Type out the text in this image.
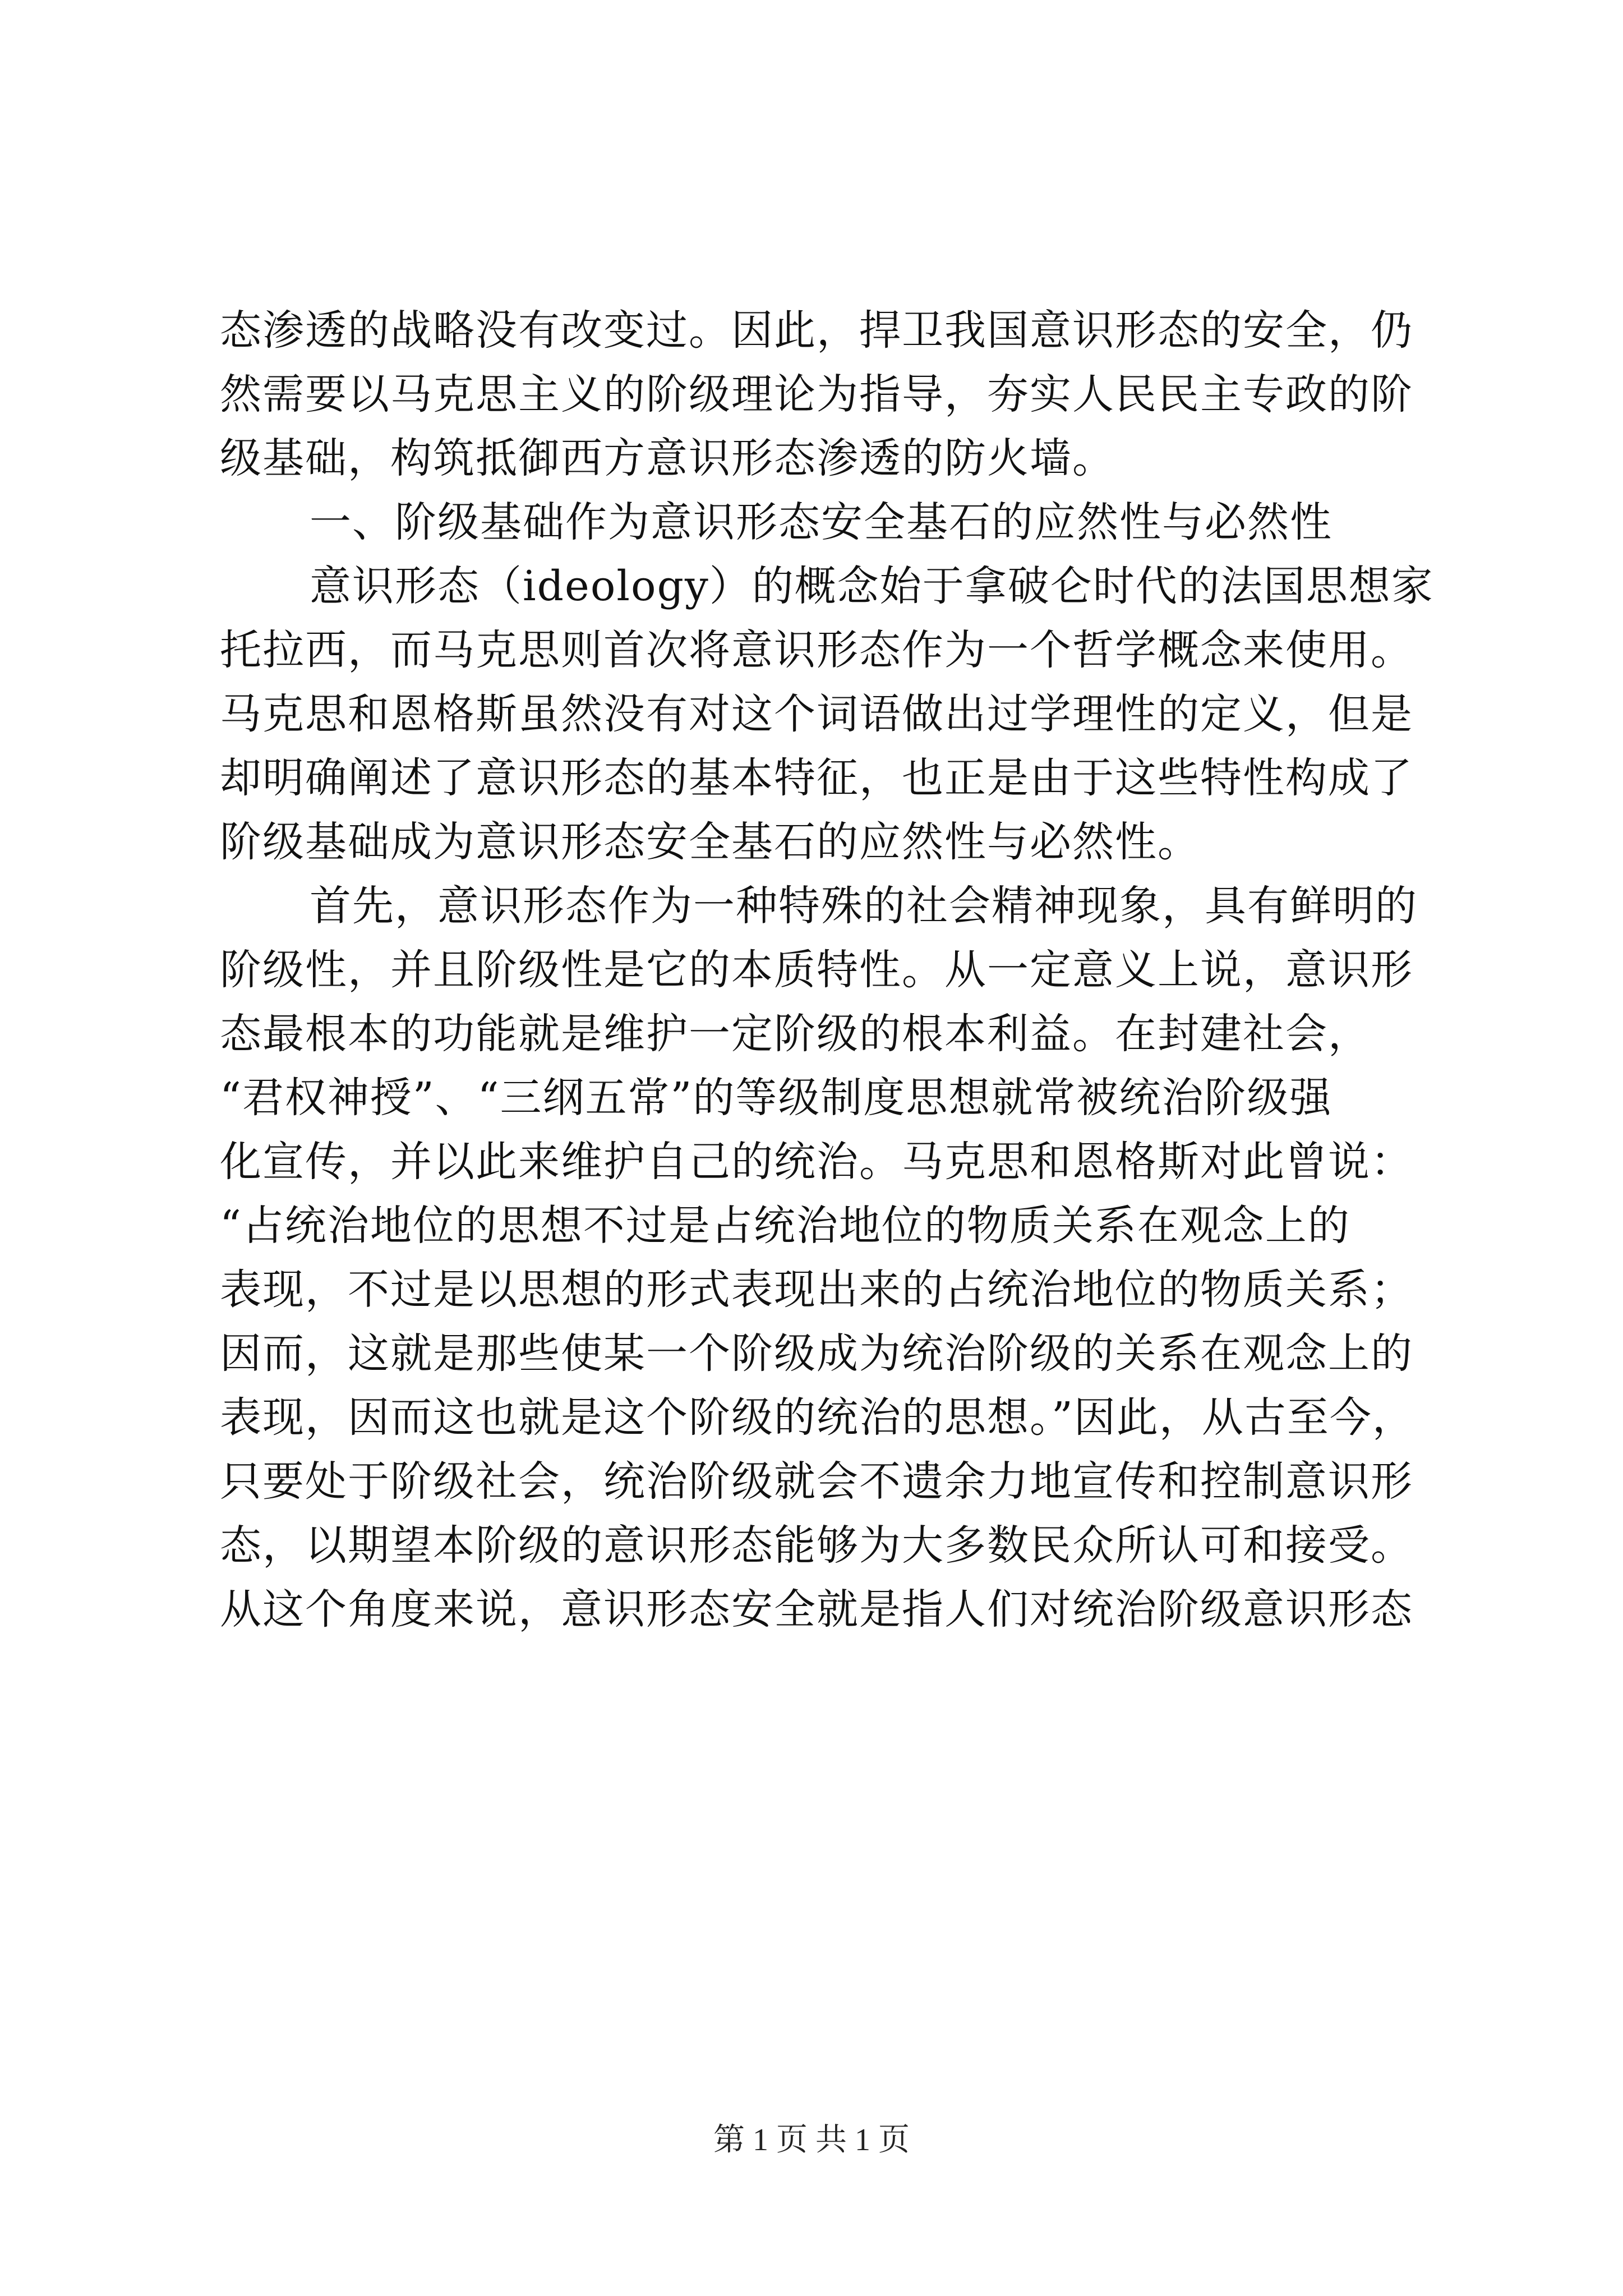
态渗透的战略没有改变过。因此，捍卫我国意识形态的安全，仍
然需要以马克思主义的阶级理论为指导，夯实人民民主专政的阶
级基础，构筑抵御西方意识形态渗透的防火墙。
一、阶级基础作为意识形态安全基石的应然性与必然性
意识形态（ideology）的概念始于拿破仑时代的法国思想家
托拉西，而马克思则首次将意识形态作为一个哲学概念来使用。
马克思和恩格斯虽然没有对这个词语做出过学理性的定义，但是
却明确阐述了意识形态的基本特征，也正是由于这些特性构成了
阶级基础成为意识形态安全基石的应然性与必然性。
首先，意识形态作为一种特殊的社会精神现象，具有鲜明的
阶级性，并且阶级性是它的本质特性。从一定意义上说，意识形
态最根本的功能就是维护一定阶级的根本利益。在封建社会，
“君权神授”、“三纲五常”的等级制度思想就常被统治阶级强
化宣传，并以此来维护自己的统治。马克思和恩格斯对此曾说：
“占统治地位的思想不过是占统治地位的物质关系在观念上的
表现，不过是以思想的形式表现出来的占统治地位的物质关系；
因而，这就是那些使某一个阶级成为统治阶级的关系在观念上的
表现，因而这也就是这个阶级的统治的思想。”因此，从古至今，
只要处于阶级社会，统治阶级就会不遗余力地宣传和控制意识形
态，以期望本阶级的意识形态能够为大多数民众所认可和接受。
从这个角度来说，意识形态安全就是指人们对统治阶级意识形态
第 1 页 共 1 页
